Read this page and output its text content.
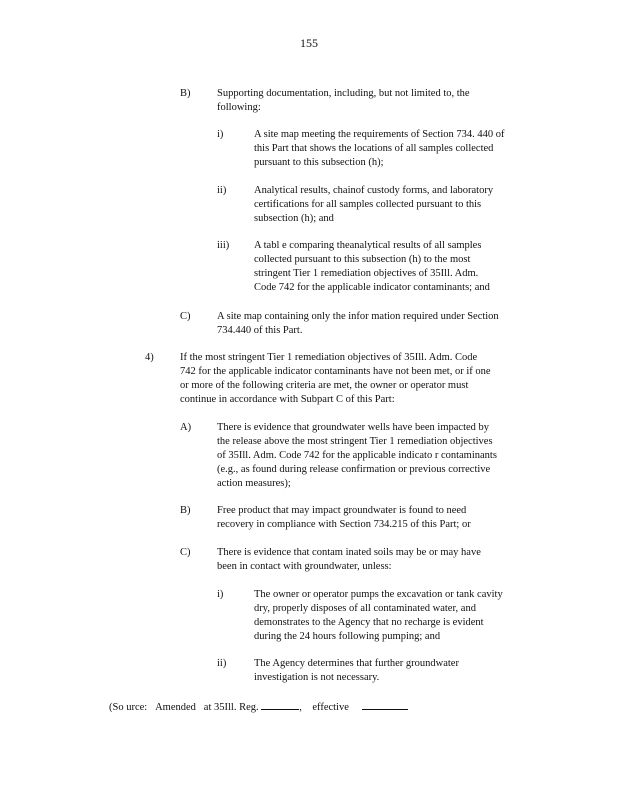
155
B)	Supporting documentation, including, but not limited to, the
following:
i)	A site map meeting the requirements of Section 734. 440 of
this Part that shows the locations of all samples collected
pursuant to this subsection (h);
ii)	Analytical results, chainof custody forms, and laboratory
certifications for all samples collected pursuant to this
subsection (h); and
iii) A tabl e comparing theanalytical results of all samples
collected pursuant to this subsection (h) to the most
stringent Tier 1 remediation objectives of 35Ill. Adm.
Code 742 for the applicable indicator contaminants; and
C)	A site map containing only the infor mation required under Section
734.440 of this Part.
4)	If the most stringent Tier 1 remediation objectives of 35Ill. Adm. Code
742 for the applicable indicator contaminants have not been met, or if one
or more of the following criteria are met, the owner or operator must
continue in accordance with Subpart C of this Part:
A) There is evidence that groundwater wells have been impacted by
the release above the most stringent Tier 1 remediation objectives
of 35Ill. Adm. Code 742 for the applicable indicato r contaminants
(e.g., as found during release confirmation or previous corrective
action measures);
B)	Free product that may impact groundwater is found to need
recovery in compliance with Section 734.215 of this Part; or
C)	There is evidence that contam inated soils may be or may have
been in contact with groundwater, unless:
i)	The owner or operator pumps the excavation or tank cavity
dry, properly disposes of all contaminated water, and
demonstrates to the Agency that no recharge is evident
during the 24 hours following pumping; and
ii)	The Agency determines that further groundwater
investigation is not necessary.
(So urce: Amended at 35Ill. Reg.	, effective
